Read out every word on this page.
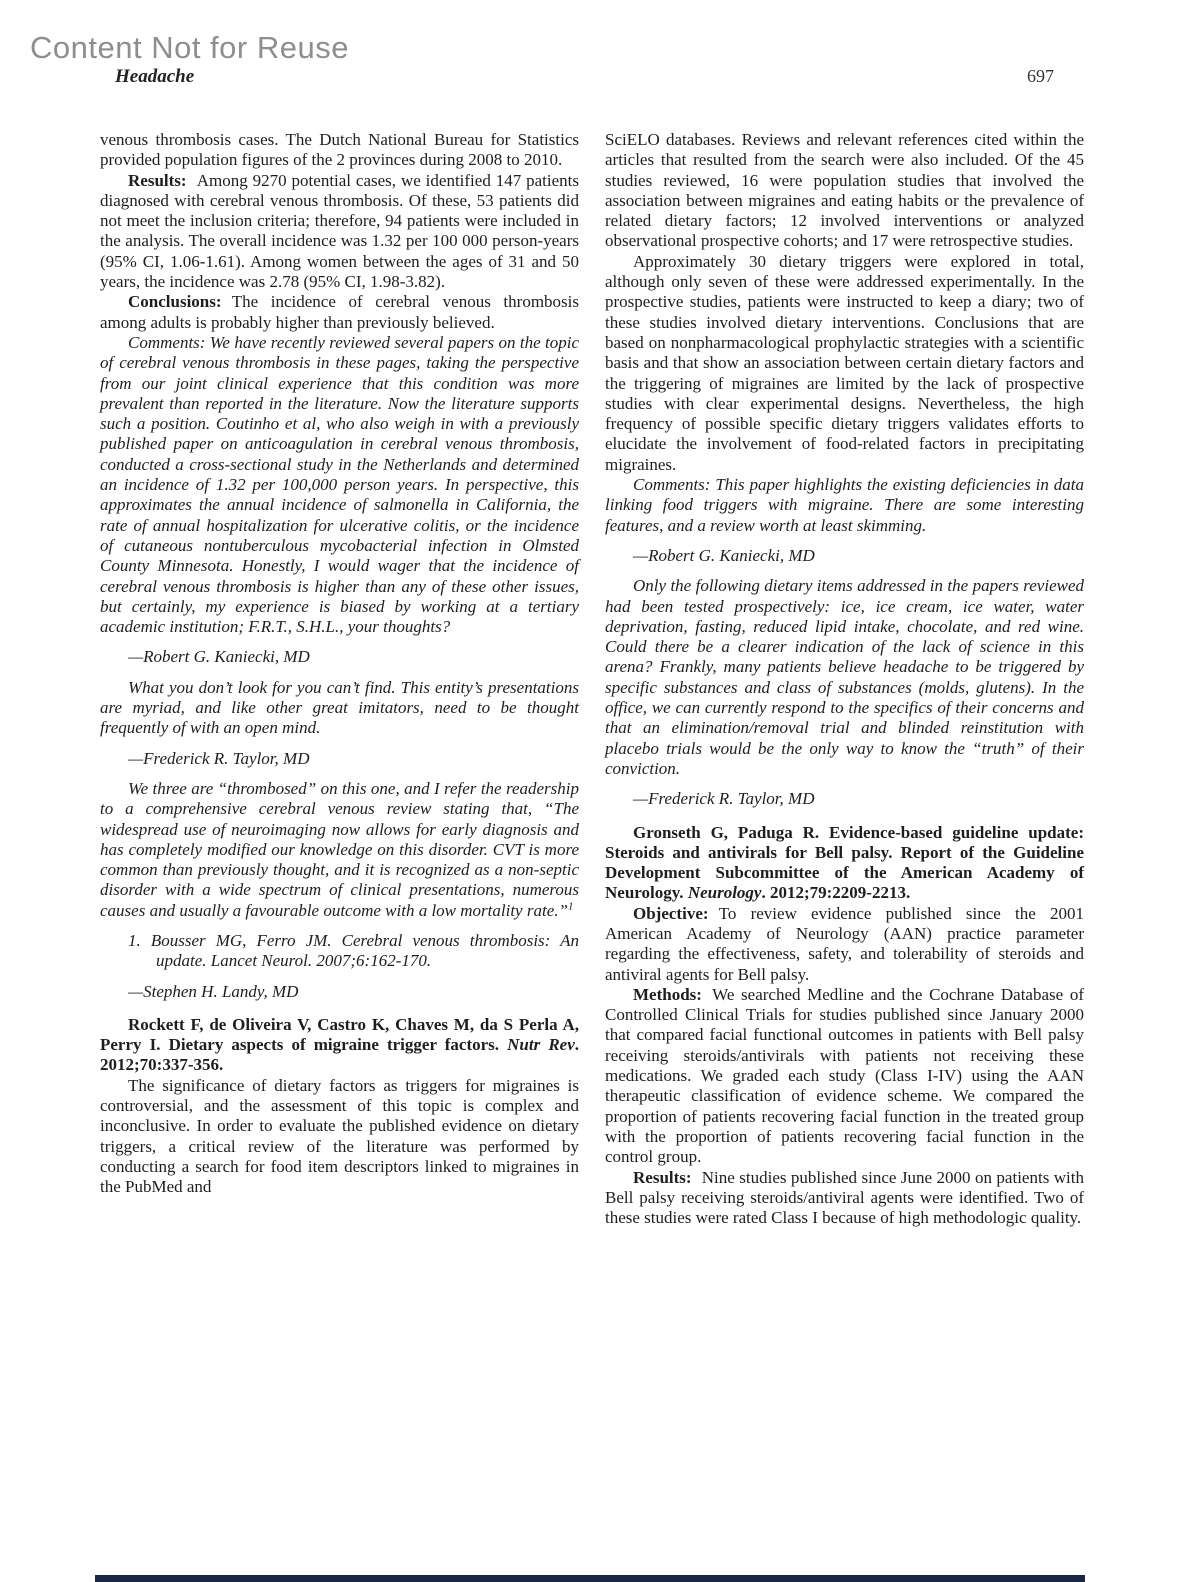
Content Not for Reuse
Headache	697

venous thrombosis cases. The Dutch National Bureau for Statistics provided population figures of the 2 provinces during 2008 to 2010.

Results: Among 9270 potential cases, we identified 147 patients diagnosed with cerebral venous thrombosis. Of these, 53 patients did not meet the inclusion criteria; therefore, 94 patients were included in the analysis. The overall incidence was 1.32 per 100 000 person-years (95% CI, 1.06-1.61). Among women between the ages of 31 and 50 years, the incidence was 2.78 (95% CI, 1.98-3.82).

Conclusions: The incidence of cerebral venous thrombosis among adults is probably higher than previously believed.

Comments: We have recently reviewed several papers on the topic of cerebral venous thrombosis in these pages, taking the perspective from our joint clinical experience that this condition was more prevalent than reported in the literature. Now the literature supports such a position. Coutinho et al, who also weigh in with a previously published paper on anticoagulation in cerebral venous thrombosis, conducted a cross-sectional study in the Netherlands and determined an incidence of 1.32 per 100,000 person years. In perspective, this approximates the annual incidence of salmonella in California, the rate of annual hospitalization for ulcerative colitis, or the incidence of cutaneous nontuberculous mycobacterial infection in Olmsted County Minnesota. Honestly, I would wager that the incidence of cerebral venous thrombosis is higher than any of these other issues, but certainly, my experience is biased by working at a tertiary academic institution; F.R.T., S.H.L., your thoughts?

—Robert G. Kaniecki, MD

What you don’t look for you can’t find. This entity’s presentations are myriad, and like other great imitators, need to be thought frequently of with an open mind.

—Frederick R. Taylor, MD

We three are “thrombosed” on this one, and I refer the readership to a comprehensive cerebral venous review stating that, “The widespread use of neuroimaging now allows for early diagnosis and has completely modified our knowledge on this disorder. CVT is more common than previously thought, and it is recognized as a non-septic disorder with a wide spectrum of clinical presentations, numerous causes and usually a favourable outcome with a low mortality rate.”$^1$

1. Bousser MG, Ferro JM. Cerebral venous thrombosis: An update. Lancet Neurol. 2007;6:162-170.

—Stephen H. Landy, MD

Rockett F, de Oliveira V, Castro K, Chaves M, da S Perla A, Perry I. Dietary aspects of migraine trigger factors. Nutr Rev. 2012;70:337-356.

The significance of dietary factors as triggers for migraines is controversial, and the assessment of this topic is complex and inconclusive. In order to evaluate the published evidence on dietary triggers, a critical review of the literature was performed by conducting a search for food item descriptors linked to migraines in the PubMed and

SciELO databases. Reviews and relevant references cited within the articles that resulted from the search were also included. Of the 45 studies reviewed, 16 were population studies that involved the association between migraines and eating habits or the prevalence of related dietary factors; 12 involved interventions or analyzed observational prospective cohorts; and 17 were retrospective studies.

Approximately 30 dietary triggers were explored in total, although only seven of these were addressed experimentally. In the prospective studies, patients were instructed to keep a diary; two of these studies involved dietary interventions. Conclusions that are based on nonpharmacological prophylactic strategies with a scientific basis and that show an association between certain dietary factors and the triggering of migraines are limited by the lack of prospective studies with clear experimental designs. Nevertheless, the high frequency of possible specific dietary triggers validates efforts to elucidate the involvement of food-related factors in precipitating migraines.

Comments: This paper highlights the existing deficiencies in data linking food triggers with migraine. There are some interesting features, and a review worth at least skimming.

—Robert G. Kaniecki, MD

Only the following dietary items addressed in the papers reviewed had been tested prospectively: ice, ice cream, ice water, water deprivation, fasting, reduced lipid intake, chocolate, and red wine. Could there be a clearer indication of the lack of science in this arena? Frankly, many patients believe headache to be triggered by specific substances and class of substances (molds, glutens). In the office, we can currently respond to the specifics of their concerns and that an elimination/removal trial and blinded reinstitution with placebo trials would be the only way to know the “truth” of their conviction.

—Frederick R. Taylor, MD

Gronseth G, Paduga R. Evidence-based guideline update: Steroids and antivirals for Bell palsy. Report of the Guideline Development Subcommittee of the American Academy of Neurology. Neurology. 2012;79:2209-2213.

Objective: To review evidence published since the 2001 American Academy of Neurology (AAN) practice parameter regarding the effectiveness, safety, and tolerability of steroids and antiviral agents for Bell palsy.

Methods: We searched Medline and the Cochrane Database of Controlled Clinical Trials for studies published since January 2000 that compared facial functional outcomes in patients with Bell palsy receiving steroids/antivirals with patients not receiving these medications. We graded each study (Class I-IV) using the AAN therapeutic classification of evidence scheme. We compared the proportion of patients recovering facial function in the treated group with the proportion of patients recovering facial function in the control group.

Results: Nine studies published since June 2000 on patients with Bell palsy receiving steroids/antiviral agents were identified. Two of these studies were rated Class I because of high methodologic quality.
